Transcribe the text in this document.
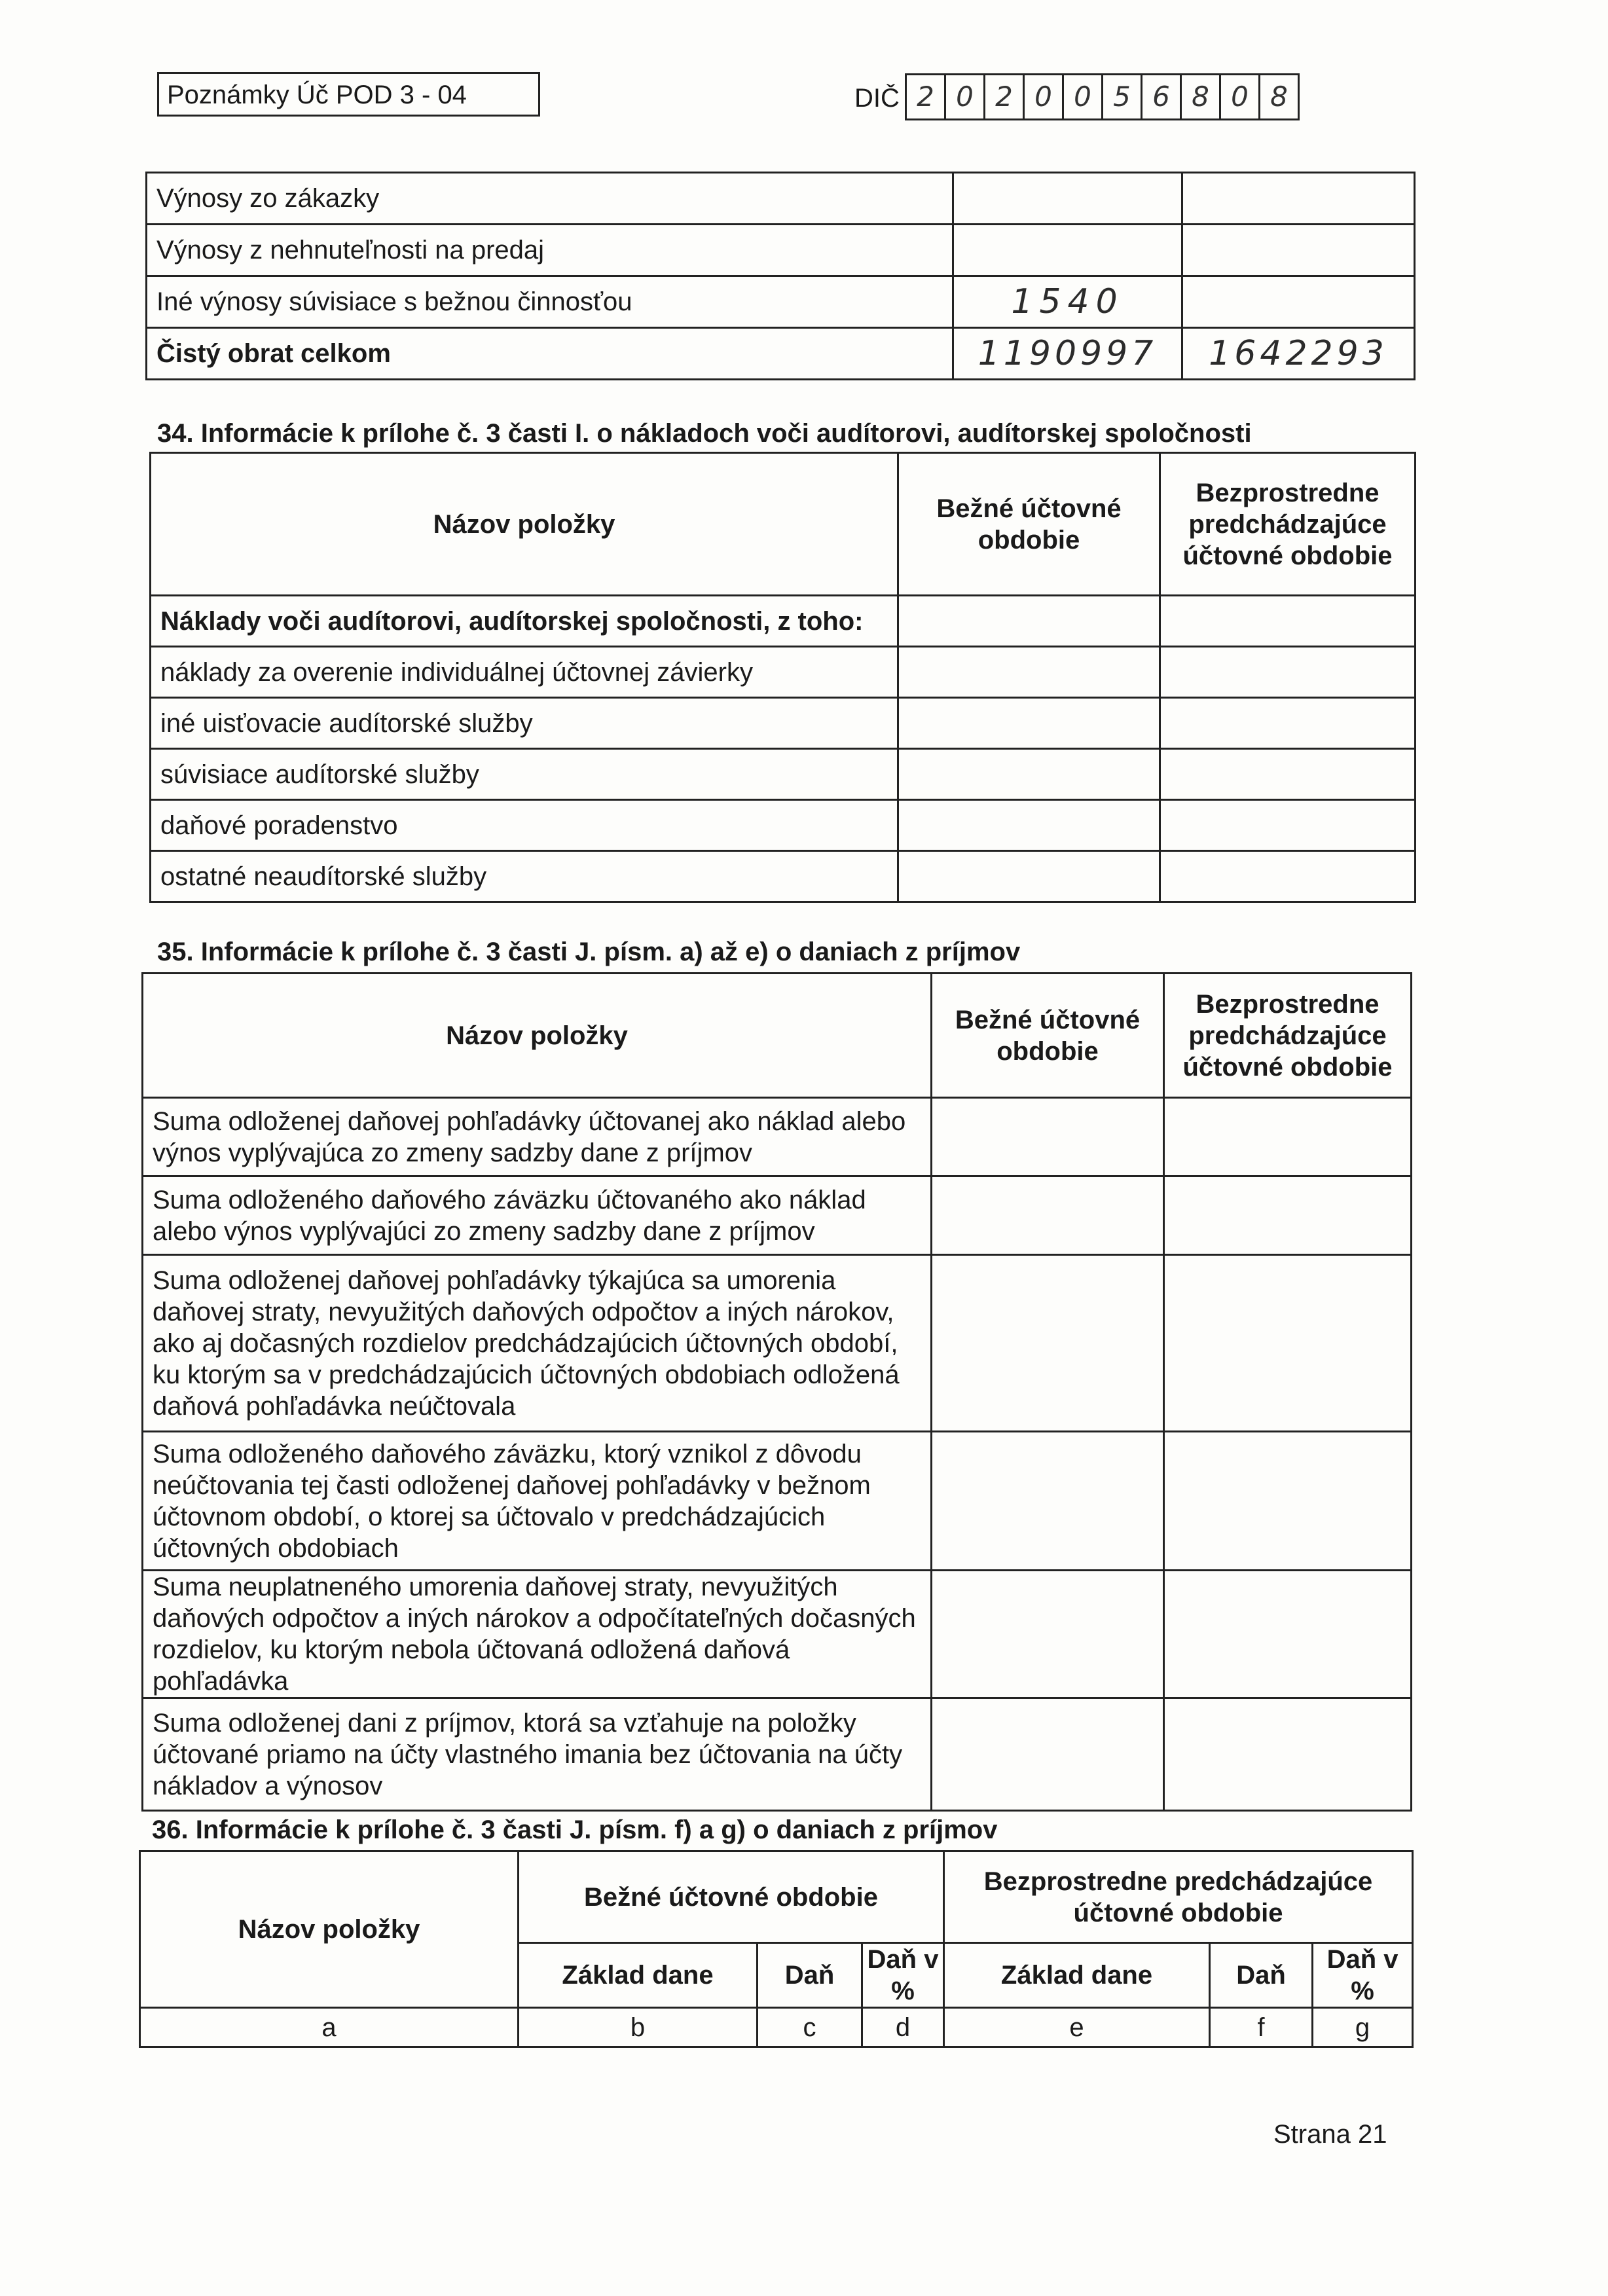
Poznámky Úč POD 3 - 04	DIČ 2 0 2 0 0 5 6 8 0 8
Výnosy zo zákazky		
Výnosy z nehnuteľnosti na predaj		
Iné výnosy súvisiace s bežnou činnosťou	1540	
Čistý obrat celkom	1190997	1642293
34. Informácie k prílohe č. 3 časti I. o nákladoch voči audítorovi, audítorskej spoločnosti
Názov položky	Bežné účtovné obdobie	Bezprostredne predchádzajúce účtovné obdobie
Náklady voči audítorovi, audítorskej spoločnosti, z toho:		
náklady za overenie individuálnej účtovnej závierky		
iné uisťovacie audítorské služby		
súvisiace audítorské služby		
daňové poradenstvo		
ostatné neaudítorské služby		
35. Informácie k prílohe č. 3 časti J. písm. a) až e) o daniach z príjmov
Názov položky	Bežné účtovné obdobie	Bezprostredne predchádzajúce účtovné obdobie
Suma odloženej daňovej pohľadávky účtovanej ako náklad alebo výnos vyplývajúca zo zmeny sadzby dane z príjmov		
Suma odloženého daňového záväzku účtovaného ako náklad alebo výnos vyplývajúci zo zmeny sadzby dane z príjmov		
Suma odloženej daňovej pohľadávky týkajúca sa umorenia daňovej straty, nevyužitých daňových odpočtov a iných nárokov, ako aj dočasných rozdielov predchádzajúcich účtovných období, ku ktorým sa v predchádzajúcich účtovných obdobiach odložená daňová pohľadávka neúčtovala		
Suma odloženého daňového záväzku, ktorý vznikol z dôvodu neúčtovania tej časti odloženej daňovej pohľadávky v bežnom účtovnom období, o ktorej sa účtovalo v predchádzajúcich účtovných obdobiach		
Suma neuplatneného umorenia daňovej straty, nevyužitých daňových odpočtov a iných nárokov a odpočítateľných dočasných rozdielov, ku ktorým nebola účtovaná odložená daňová pohľadávka		
Suma odloženej dani z príjmov, ktorá sa vzťahuje na položky účtované priamo na účty vlastného imania bez účtovania na účty nákladov a výnosov		
36. Informácie k prílohe č. 3 časti J. písm. f) a g) o daniach z príjmov
Názov položky	Bežné účtovné obdobie			Bezprostredne predchádzajúce účtovné obdobie		
	Základ dane	Daň	Daň v %	Základ dane	Daň	Daň v %
a	b	c	d	e	f	g
Strana 21
